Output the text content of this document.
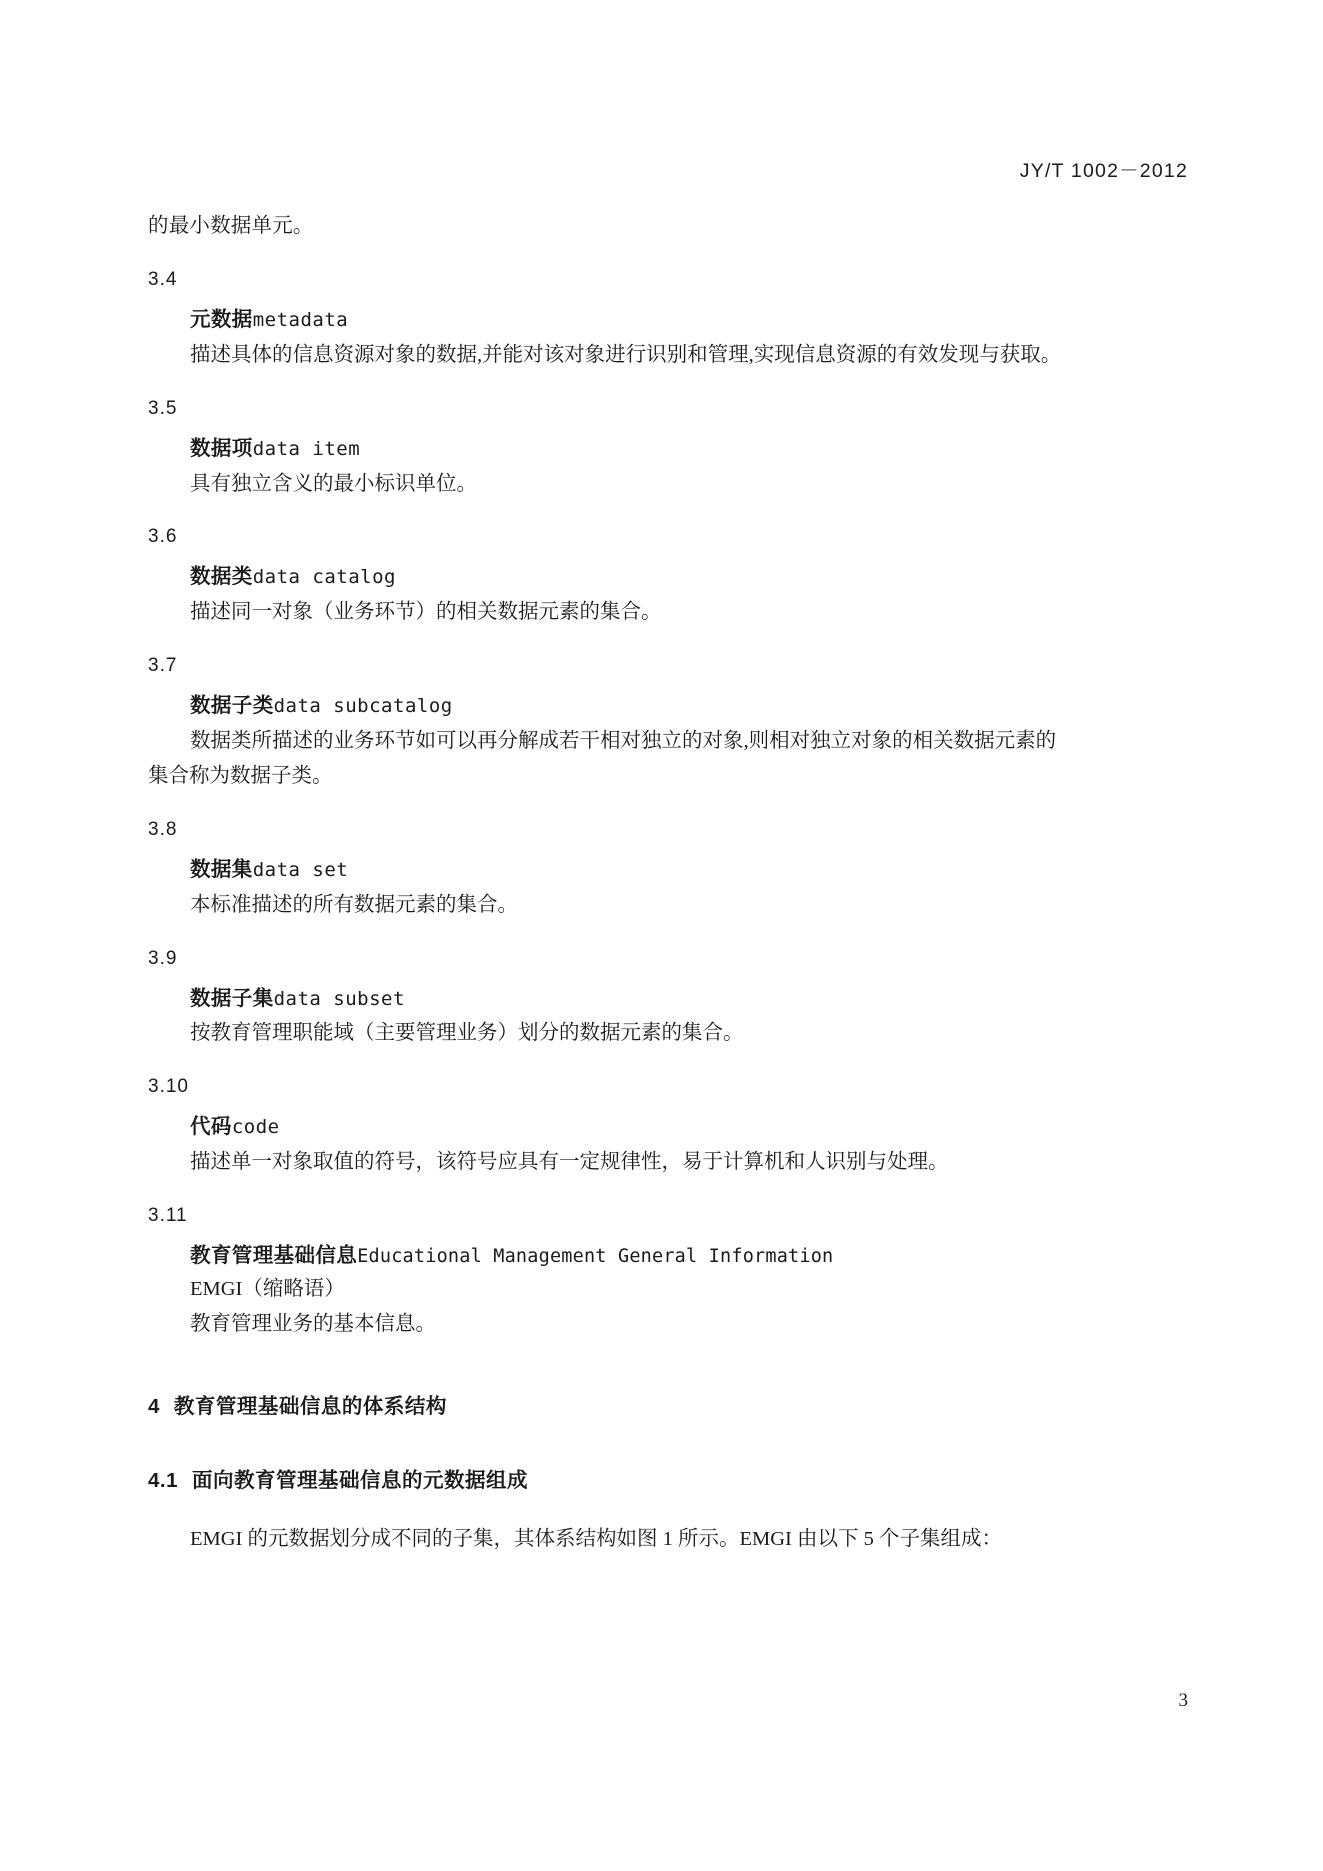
JY/T 1002－2012
的最小数据单元。
3.4
元数据metadata
描述具体的信息资源对象的数据,并能对该对象进行识别和管理,实现信息资源的有效发现与获取。
3.5
数据项data item
具有独立含义的最小标识单位。
3.6
数据类data catalog
描述同一对象（业务环节）的相关数据元素的集合。
3.7
数据子类data subcatalog
数据类所描述的业务环节如可以再分解成若干相对独立的对象,则相对独立对象的相关数据元素的
集合称为数据子类。
3.8
数据集data set
本标准描述的所有数据元素的集合。
3.9
数据子集data subset
按教育管理职能域（主要管理业务）划分的数据元素的集合。
3.10
代码code
描述单一对象取值的符号，该符号应具有一定规律性，易于计算机和人识别与处理。
3.11
教育管理基础信息Educational Management General Information
EMGI（缩略语）
教育管理业务的基本信息。
4 教育管理基础信息的体系结构
4.1 面向教育管理基础信息的元数据组成
EMGI 的元数据划分成不同的子集，其体系结构如图 1 所示。EMGI 由以下 5 个子集组成：
3
